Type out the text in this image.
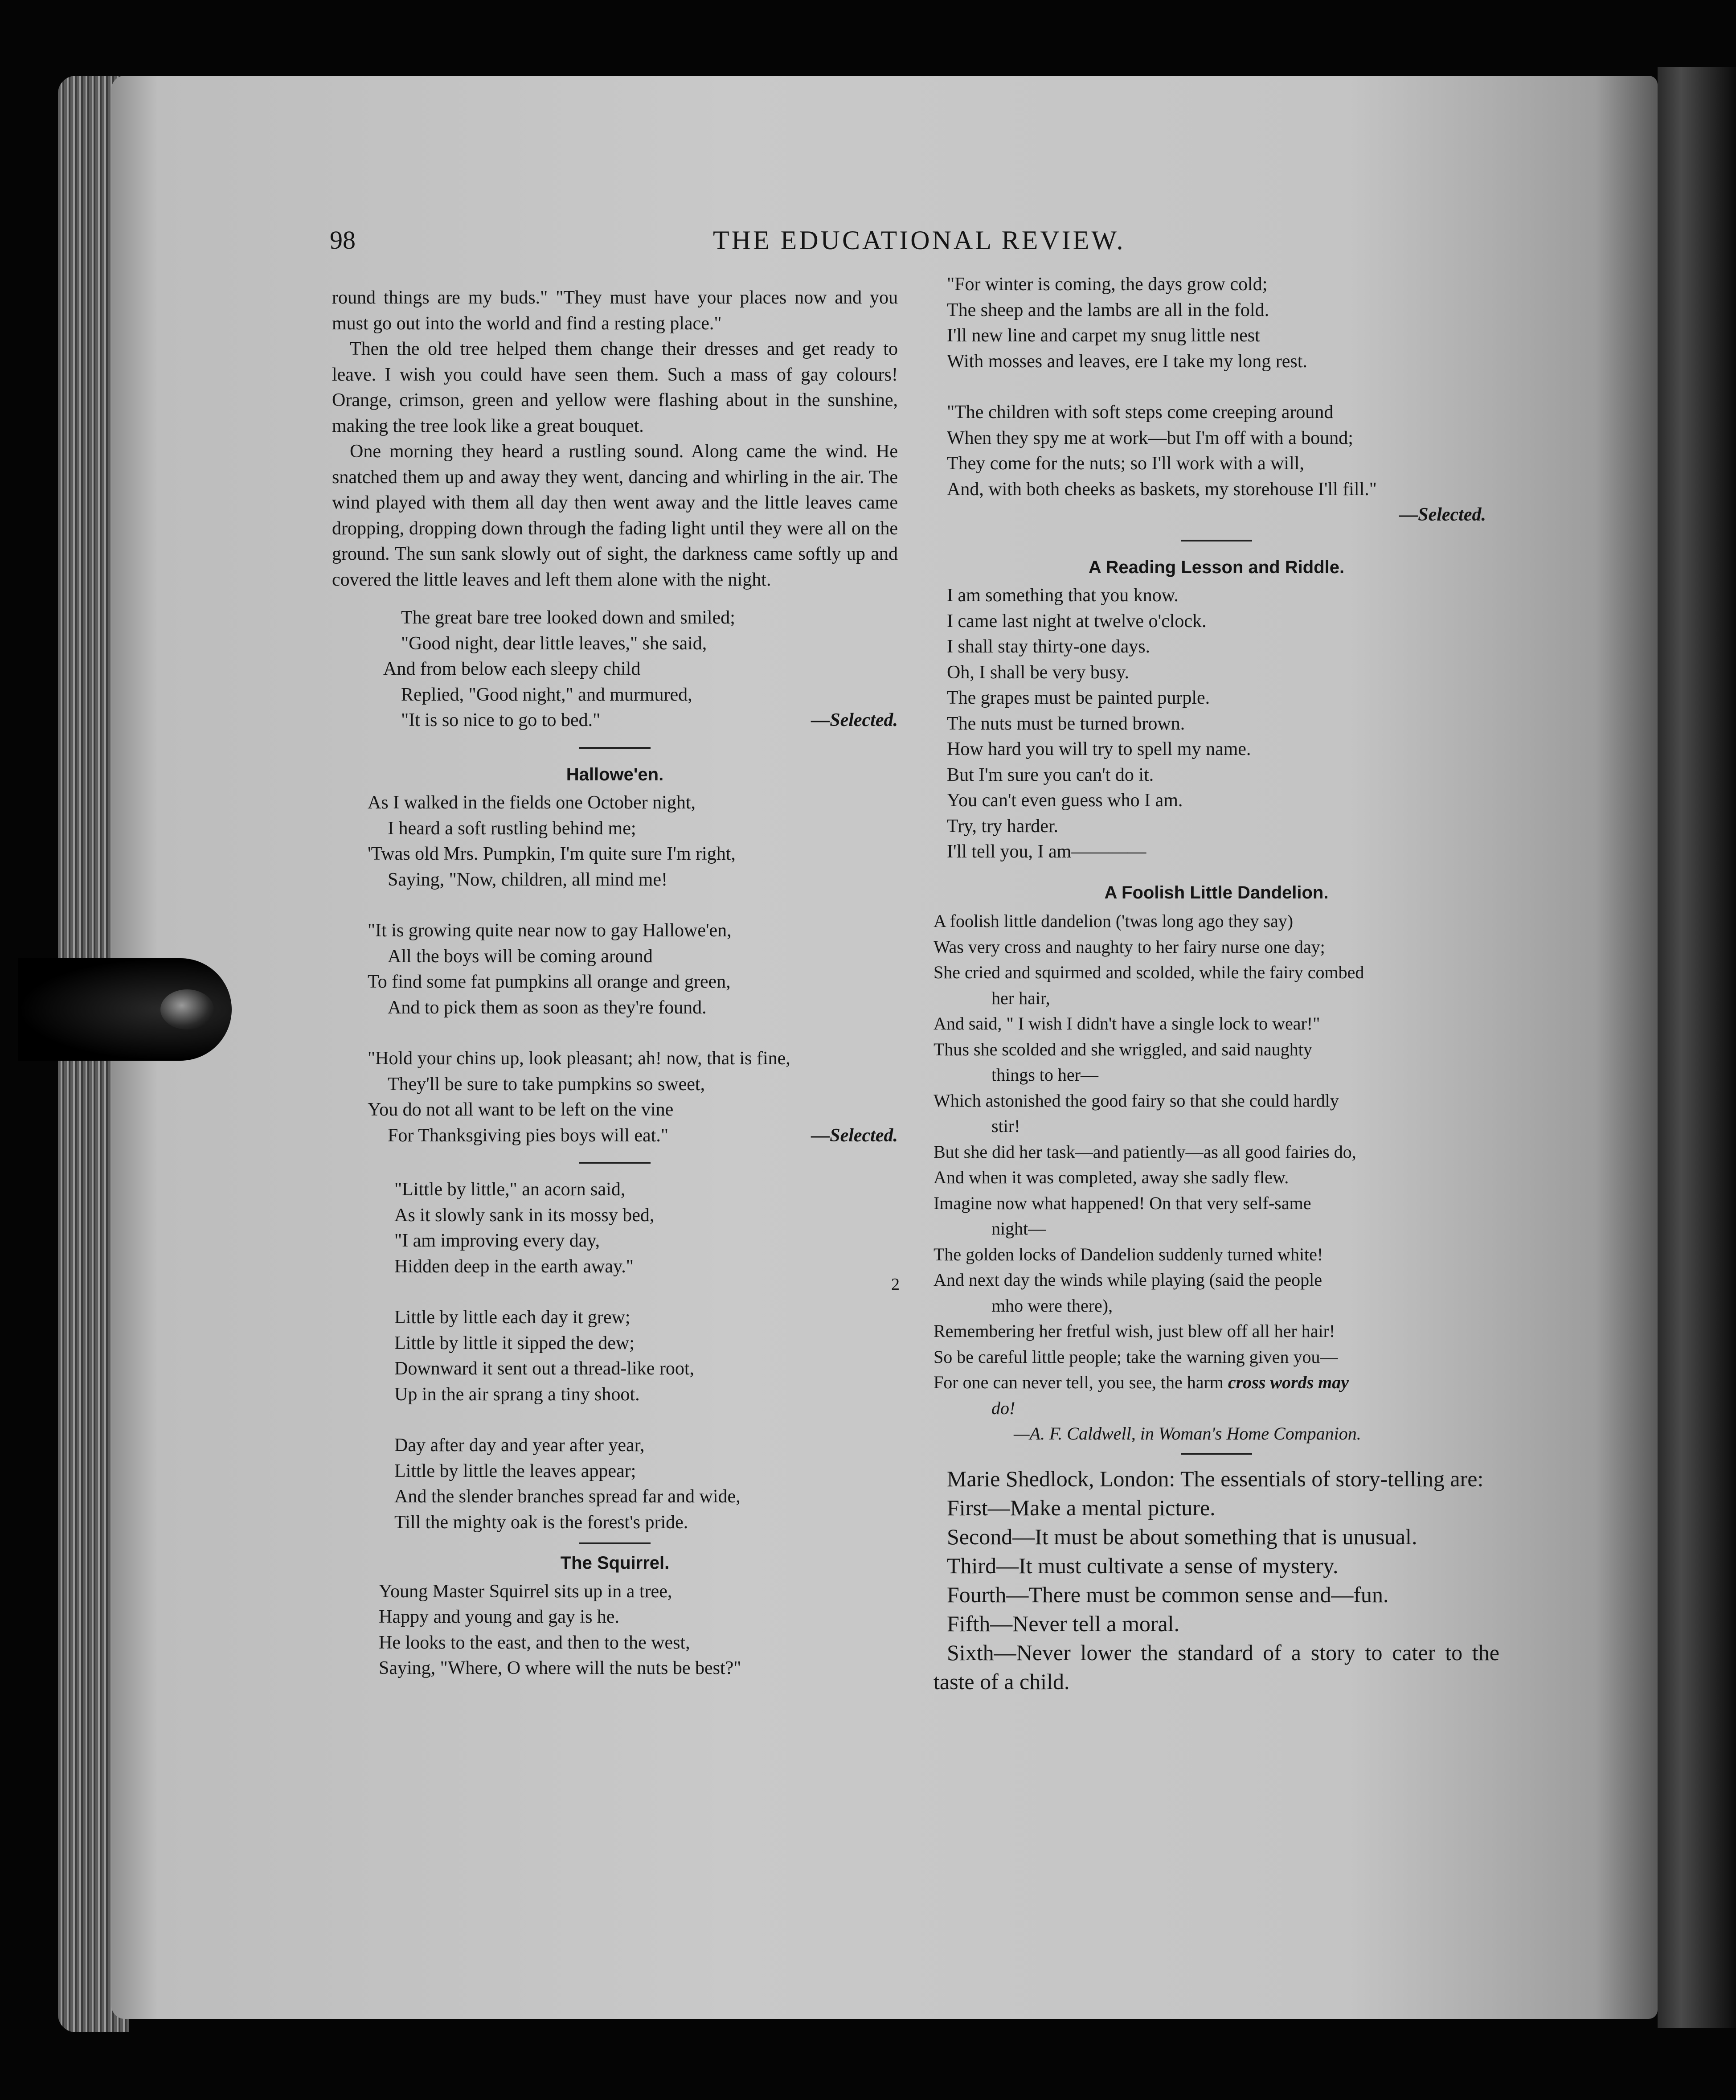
98	THE EDUCATIONAL REVIEW.
2

round things are my buds." "They must have your places now and you must go out into the world and find a resting place."

Then the old tree helped them change their dresses and get ready to leave. I wish you could have seen them. Such a mass of gay colours! Orange, crimson, green and yellow were flashing about in the sunshine, making the tree look like a great bouquet.

One morning they heard a rustling sound. Along came the wind. He snatched them up and away they went, dancing and whirling in the air. The wind played with them all day then went away and the little leaves came dropping, dropping down through the fading light until they were all on the ground. The sun sank slowly out of sight, the darkness came softly up and covered the little leaves and left them alone with the night.

The great bare tree looked down and smiled;
"Good night, dear little leaves," she said,
And from below each sleepy child
Replied, "Good night," and murmured,
"It is so nice to go to bed."	—Selected.
Hallowe'en.
As I walked in the fields one October night,
I heard a soft rustling behind me;
'Twas old Mrs. Pumpkin, I'm quite sure I'm right,
Saying, "Now, children, all mind me!
"It is growing quite near now to gay Hallowe'en,
All the boys will be coming around
To find some fat pumpkins all orange and green,
And to pick them as soon as they're found.
"Hold your chins up, look pleasant; ah! now, that is fine,
They'll be sure to take pumpkins so sweet,
You do not all want to be left on the vine
For Thanksgiving pies boys will eat."	—Selected.
"Little by little," an acorn said,
As it slowly sank in its mossy bed,
"I am improving every day,
Hidden deep in the earth away."
Little by little each day it grew;
Little by little it sipped the dew;
Downward it sent out a thread-like root,
Up in the air sprang a tiny shoot.
Day after day and year after year,
Little by little the leaves appear;
And the slender branches spread far and wide,
Till the mighty oak is the forest's pride.
The Squirrel.
Young Master Squirrel sits up in a tree,
Happy and young and gay is he.
He looks to the east, and then to the west,
Saying, "Where, O where will the nuts be best?"
"For winter is coming, the days grow cold;
The sheep and the lambs are all in the fold.
I'll new line and carpet my snug little nest
With mosses and leaves, ere I take my long rest.
"The children with soft steps come creeping around
When they spy me at work—but I'm off with a bound;
They come for the nuts; so I'll work with a will,
And, with both cheeks as baskets, my storehouse I'll fill."
—Selected.
A Reading Lesson and Riddle.
I am something that you know.
I came last night at twelve o'clock.
I shall stay thirty-one days.
Oh, I shall be very busy.
The grapes must be painted purple.
The nuts must be turned brown.
How hard you will try to spell my name.
But I'm sure you can't do it.
You can't even guess who I am.
Try, try harder.
I'll tell you, I am————
A Foolish Little Dandelion.
A foolish little dandelion ('twas long ago they say)
Was very cross and naughty to her fairy nurse one day;
She cried and squirmed and scolded, while the fairy combed
her hair,
And said, " I wish I didn't have a single lock to wear!"
Thus she scolded and she wriggled, and said naughty
things to her—
Which astonished the good fairy so that she could hardly
stir!
But she did her task—and patiently—as all good fairies do,
And when it was completed, away she sadly flew.
Imagine now what happened! On that very self-same
night—
The golden locks of Dandelion suddenly turned white!
And next day the winds while playing (said the people
mho were there),
Remembering her fretful wish, just blew off all her hair!
So be careful little people; take the warning given you—
For one can never tell, you see, the harm cross words may
do!
—A. F. Caldwell, in Woman's Home Companion.

Marie Shedlock, London: The essentials of story-telling are:

First—Make a mental picture.

Second—It must be about something that is unusual.

Third—It must cultivate a sense of mystery.

Fourth—There must be common sense and—fun.

Fifth—Never tell a moral.

Sixth—Never lower the standard of a story to cater to the taste of a child.
